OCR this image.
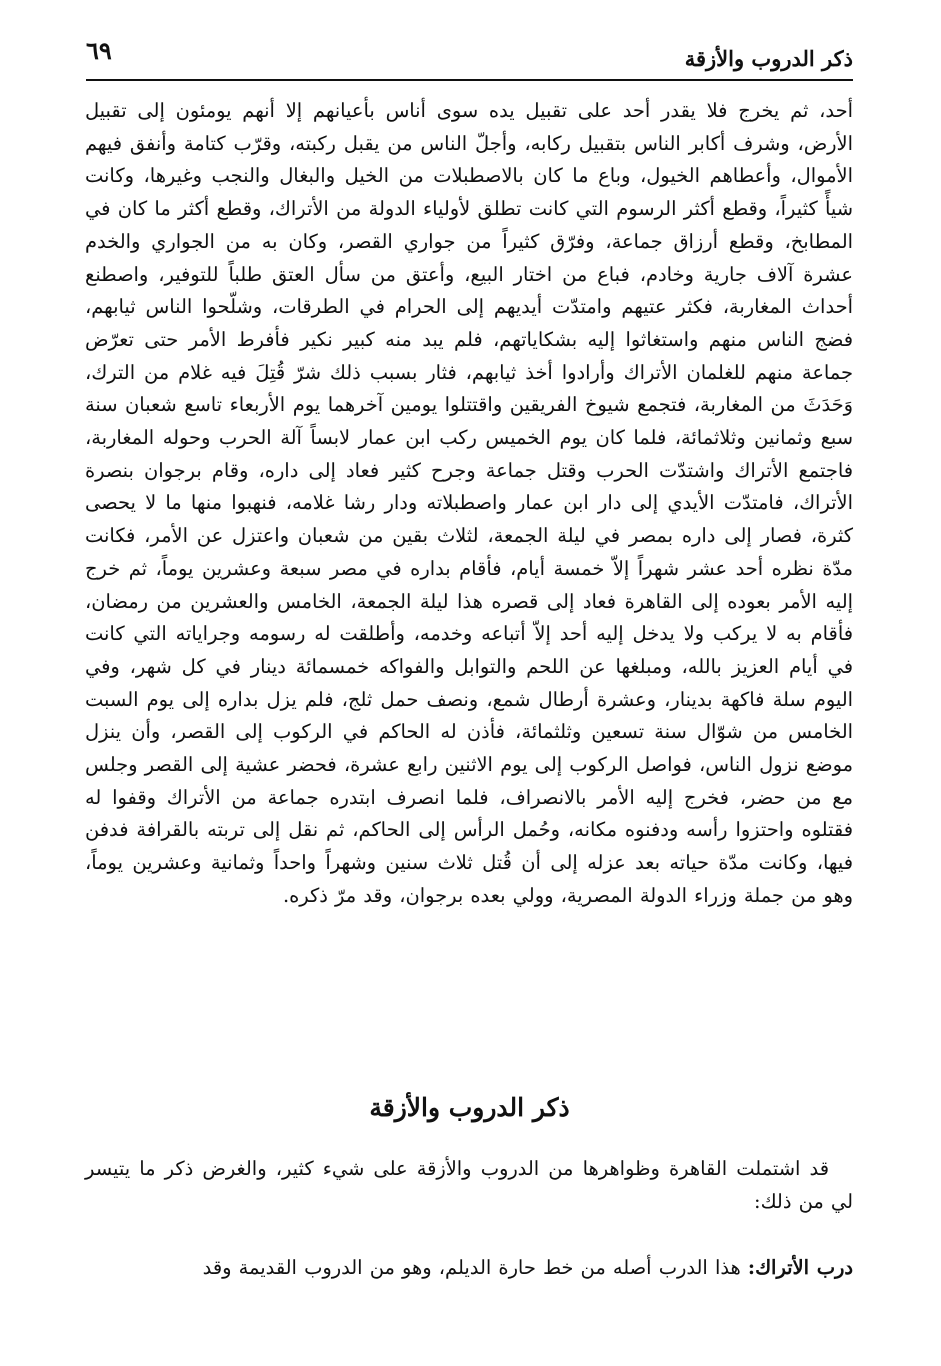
ذكر الدروب والأزقة
٦٩

أحد، ثم يخرج فلا يقدر أحد على تقبيل يده سوى أناس بأعيانهم إلا أنهم يومئون إلى تقبيل الأرض، وشرف أكابر الناس بتقبيل ركابه، وأجلّ الناس من يقبل ركبته، وقرّب كتامة وأنفق فيهم الأموال، وأعطاهم الخيول، وباع ما كان بالاصطبلات من الخيل والبغال والنجب وغيرها، وكانت شيأً كثيراً، وقطع أكثر الرسوم التي كانت تطلق لأولياء الدولة من الأتراك، وقطع أكثر ما كان في المطابخ، وقطع أرزاق جماعة، وفرّق كثيراً من جواري القصر، وكان به من الجواري والخدم عشرة آلاف جارية وخادم، فباع من اختار البيع، وأعتق من سأل العتق طلباً للتوفير، واصطنع أحداث المغاربة، فكثر عتيهم وامتدّت أيديهم إلى الحرام في الطرقات، وشلّحوا الناس ثيابهم، فضج الناس منهم واستغاثوا إليه بشكاياتهم، فلم يبد منه كبير نكير فأفرط الأمر حتى تعرّض جماعة منهم للغلمان الأتراك وأرادوا أخذ ثيابهم، فثار بسبب ذلك شرّ قُتِلَ فيه غلام من الترك، وَحَدَثَ من المغاربة، فتجمع شيوخ الفريقين واقتتلوا يومين آخرهما يوم الأربعاء تاسع شعبان سنة سبع وثمانين وثلاثمائة، فلما كان يوم الخميس ركب ابن عمار لابساً آلة الحرب وحوله المغاربة، فاجتمع الأتراك واشتدّت الحرب وقتل جماعة وجرح كثير فعاد إلى داره، وقام برجوان بنصرة الأتراك، فامتدّت الأيدي إلى دار ابن عمار واصطبلاته ودار رشا غلامه، فنهبوا منها ما لا يحصى كثرة، فصار إلى داره بمصر في ليلة الجمعة، لثلاث بقين من شعبان واعتزل عن الأمر، فكانت مدّة نظره أحد عشر شهراً إلاّ خمسة أيام، فأقام بداره في مصر سبعة وعشرين يوماً، ثم خرج إليه الأمر بعوده إلى القاهرة فعاد إلى قصره هذا ليلة الجمعة، الخامس والعشرين من رمضان، فأقام به لا يركب ولا يدخل إليه أحد إلاّ أتباعه وخدمه، وأطلقت له رسومه وجراياته التي كانت في أيام العزيز بالله، ومبلغها عن اللحم والتوابل والفواكه خمسمائة دينار في كل شهر، وفي اليوم سلة فاكهة بدينار، وعشرة أرطال شمع، ونصف حمل ثلج، فلم يزل بداره إلى يوم السبت الخامس من شوّال سنة تسعين وثلثمائة، فأذن له الحاكم في الركوب إلى القصر، وأن ينزل موضع نزول الناس، فواصل الركوب إلى يوم الاثنين رابع عشرة، فحضر عشية إلى القصر وجلس مع من حضر، فخرج إليه الأمر بالانصراف، فلما انصرف ابتدره جماعة من الأتراك وقفوا له فقتلوه واحتزوا رأسه ودفنوه مكانه، وحُمل الرأس إلى الحاكم، ثم نقل إلى تربته بالقرافة فدفن فيها، وكانت مدّة حياته بعد عزله إلى أن قُتل ثلاث سنين وشهراً واحداً وثمانية وعشرين يوماً، وهو من جملة وزراء الدولة المصرية، وولي بعده برجوان، وقد مرّ ذكره.

ذكر الدروب والأزقة

قد اشتملت القاهرة وظواهرها من الدروب والأزقة على شيء كثير، والغرض ذكر ما يتيسر لي من ذلك:

درب الأتراك: هذا الدرب أصله من خط حارة الديلم، وهو من الدروب القديمة وقد
